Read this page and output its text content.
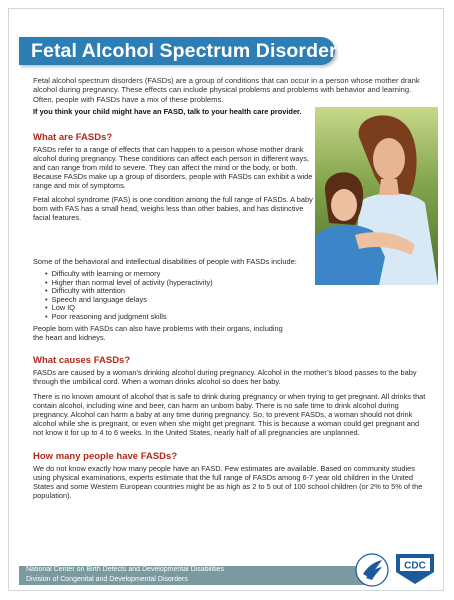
Fetal Alcohol Spectrum Disorders

Fetal alcohol spectrum disorders (FASDs) are a group of conditions that can occur in a person whose mother drank alcohol during pregnancy. These effects can include physical problems and problems with behavior and learning. Often, people with FASDs have a mix of these problems.

If you think your child might have an FASD, talk to your health care provider.
What are FASDs?

FASDs refer to a range of effects that can happen to a person whose mother drank alcohol during pregnancy. These conditions can affect each person in different ways, and can range from mild to severe. They can affect the mind or the body, or both. Because FASDs make up a group of disorders, people with FASDs can exhibit a wide range and mix of symptoms.

Fetal alcohol syndrome (FAS) is one condition among the full range of FASDs. A baby born with FAS has a small head, weighs less than other babies, and has distinctive facial features.

Some of the behavioral and intellectual disabilities of people with FASDs include:

• Difficulty with learning or memory
• Higher than normal level of activity (hyperactivity)
• Difficulty with attention
• Speech and language delays
• Low IQ
• Poor reasoning and judgment skills

People born with FASDs can also have problems with their organs, including the heart and kidneys.

What causes FASDs?

FASDs are caused by a woman’s drinking alcohol during pregnancy. Alcohol in the mother’s blood passes to the baby through the umbilical cord. When a woman drinks alcohol so does her baby.

There is no known amount of alcohol that is safe to drink during pregnancy or when trying to get pregnant. All drinks that contain alcohol, including wine and beer, can harm an unborn baby. There is no safe time to drink alcohol during pregnancy. Alcohol can harm a baby at any time during pregnancy. So, to prevent FASDs, a woman should not drink alcohol while she is pregnant, or even when she might get pregnant. This is because a woman could get pregnant and not know it for up to 4 to 6 weeks. In the United States, nearly half of all pregnancies are unplanned.

How many people have FASDs?

We do not know exactly how many people have an FASD. Few estimates are available. Based on community studies using physical examinations, experts estimate that the full range of FASDs among 6-7 year old children in the United States and some Western European countries might be as high as 2 to 5 out of 100 school children (or 2% to 5% of the population).

National Center on Birth Defects and Developmental Disabilities
Division of Congenital and Developmental Disorders
CDC
